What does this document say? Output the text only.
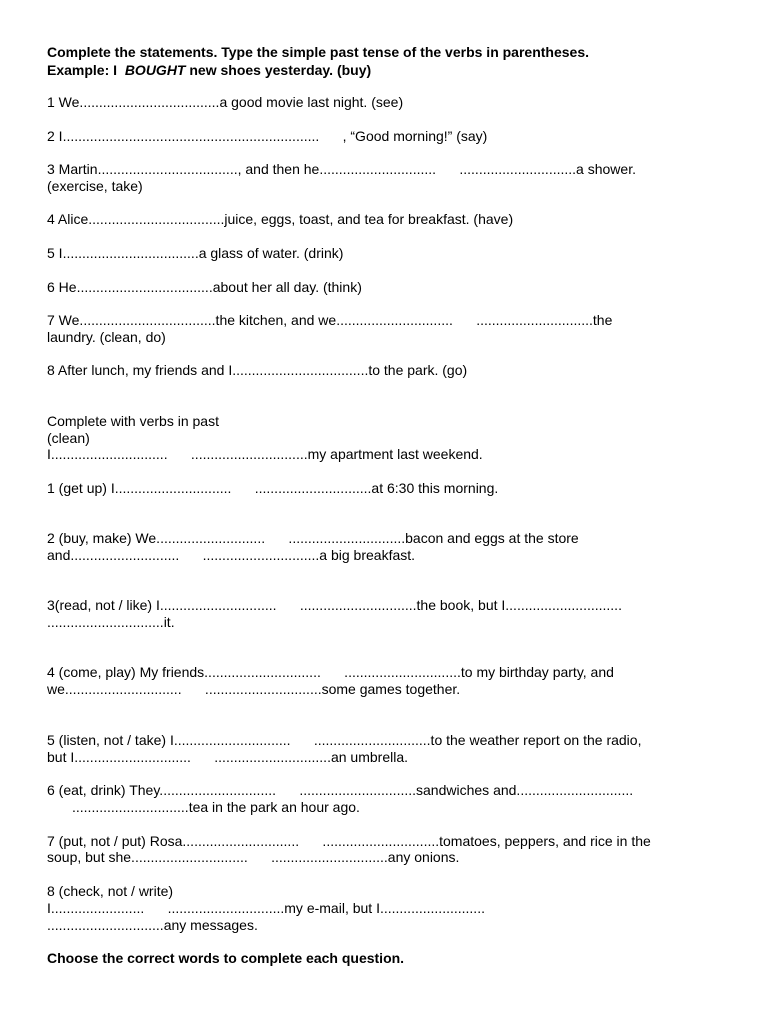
Complete the statements. Type the simple past tense of the verbs in parentheses.
Example: I  BOUGHT new shoes yesterday. (buy)
1 We....................................a good movie last night. (see)
2 I..................................................................      , “Good morning!” (say)
3 Martin...................................., and then he..............................      ..............................a shower.
(exercise, take)
4 Alice...................................juice, eggs, toast, and tea for breakfast. (have)
5 I...................................a glass of water. (drink)
6 He...................................about her all day. (think)
7 We...................................the kitchen, and we..............................      ..............................the
laundry. (clean, do)
8 After lunch, my friends and I...................................to the park. (go)
Complete with verbs in past
(clean)
I..............................      ..............................my apartment last weekend.
1 (get up) I..............................      ..............................at 6:30 this morning.
2 (buy, make) We............................      ..............................bacon and eggs at the store
and............................      ..............................a big breakfast.
3(read, not / like) I..............................      ..............................the book, but I..............................
..............................it.
4 (come, play) My friends..............................      ..............................to my birthday party, and
we..............................      ..............................some games together.
5 (listen, not / take) I..............................      ..............................to the weather report on the radio,
but I..............................      ..............................an umbrella.
6 (eat, drink) They..............................      ..............................sandwiches and..............................
..............................tea in the park an hour ago.
7 (put, not / put) Rosa..............................      ..............................tomatoes, peppers, and rice in the
soup, but she..............................      ..............................any onions.
8 (check, not / write)
I........................      ..............................my e-mail, but I...........................
..............................any messages.
Choose the correct words to complete each question.
